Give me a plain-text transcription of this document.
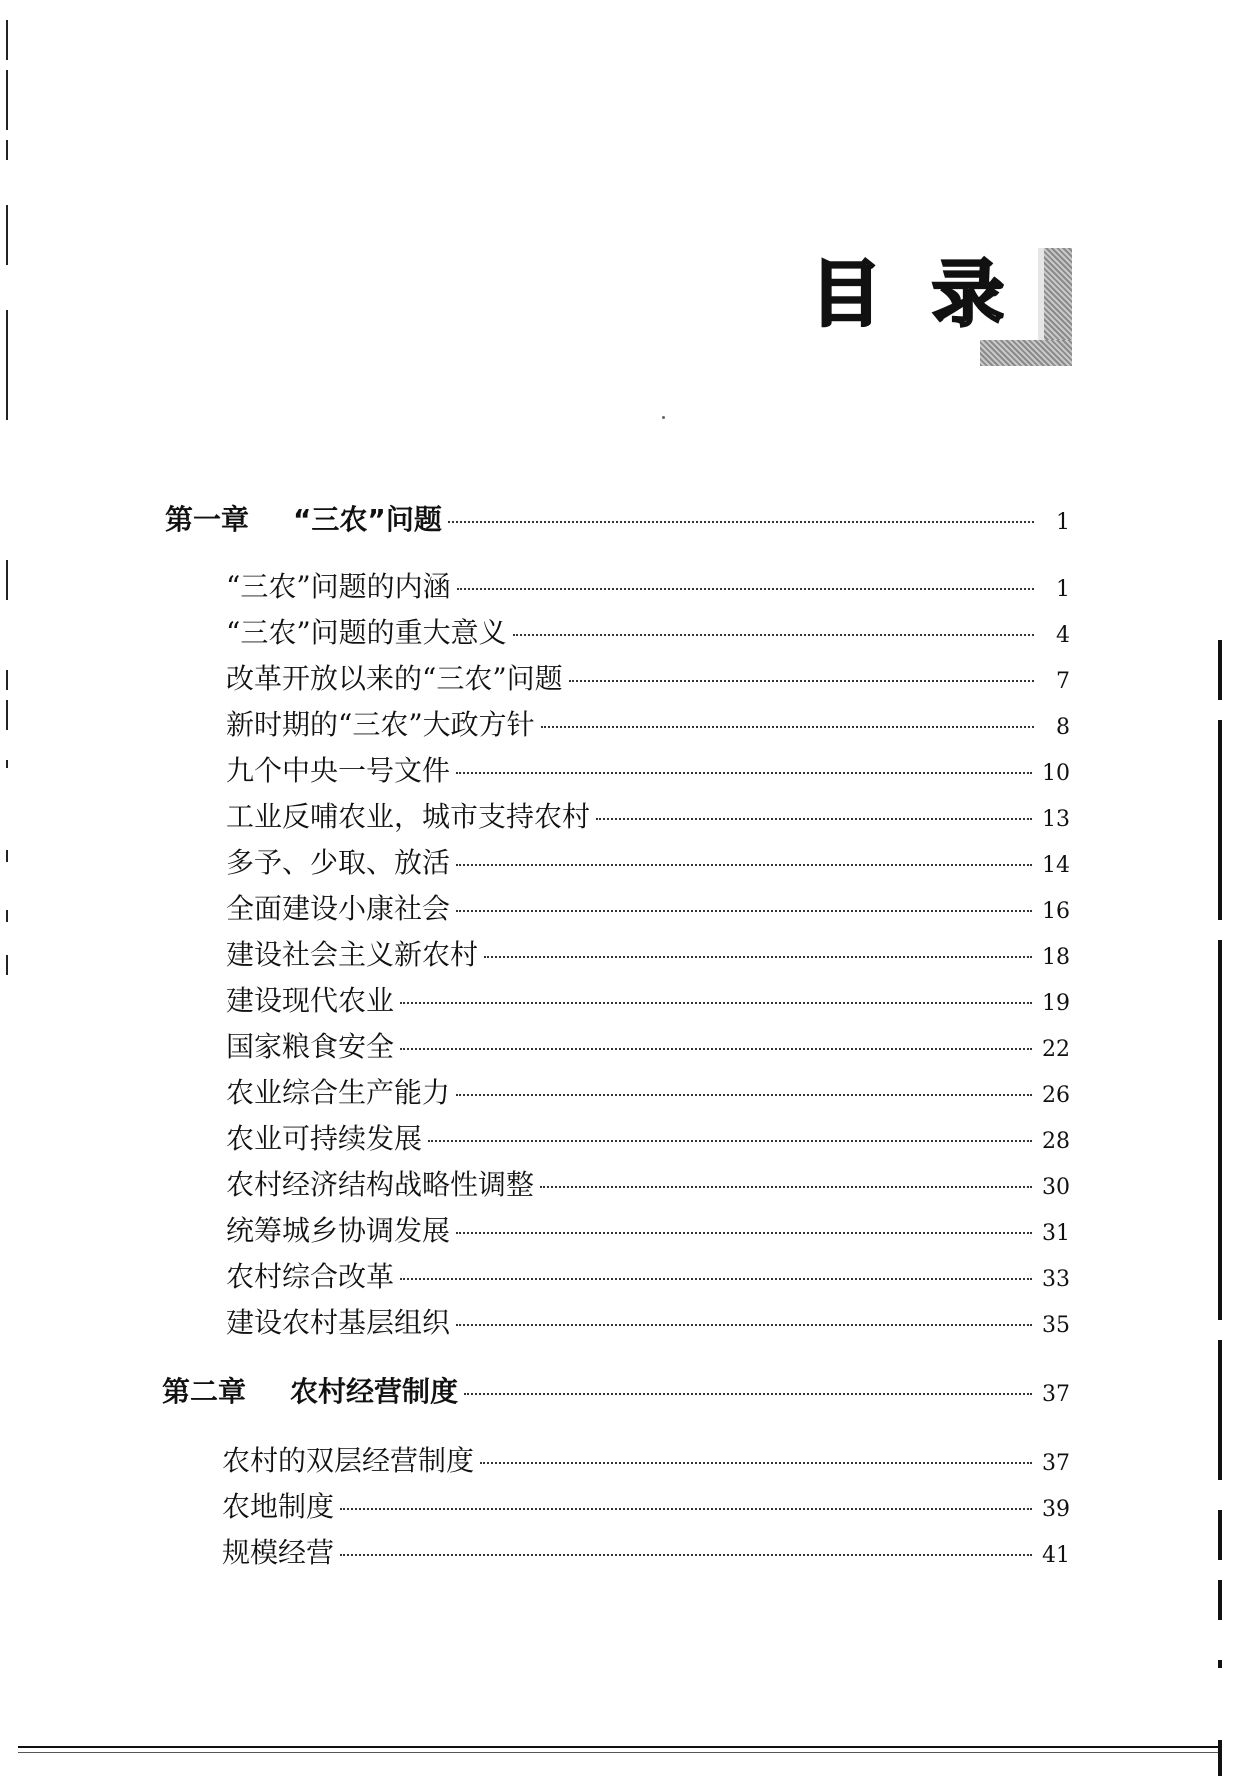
目 录
第一章 “三农”问题	1
“三农”问题的内涵	1
“三农”问题的重大意义	4
改革开放以来的“三农”问题	7
新时期的“三农”大政方针	8
九个中央一号文件	10
工业反哺农业，城市支持农村	13
多予、少取、放活	14
全面建设小康社会	16
建设社会主义新农村	18
建设现代农业	19
国家粮食安全	22
农业综合生产能力	26
农业可持续发展	28
农村经济结构战略性调整	30
统筹城乡协调发展	31
农村综合改革	33
建设农村基层组织	35
第二章 农村经营制度	37
农村的双层经营制度	37
农地制度	39
规模经营	41
